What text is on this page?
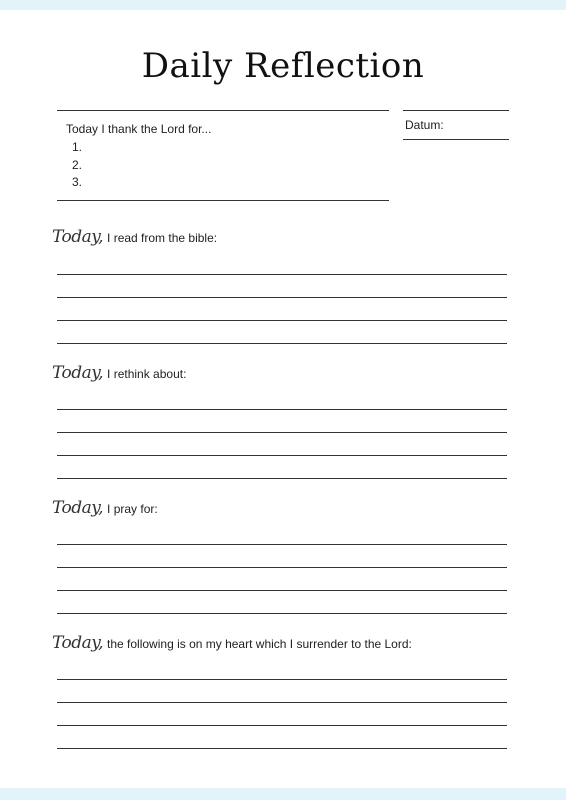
Daily Reflection
Today I thank the Lord for...
1.
2.
3.
Datum:
Today, I read from the bible:
Today, I rethink about:
Today, I pray for:
Today, the following is on my heart which I surrender to the Lord:
